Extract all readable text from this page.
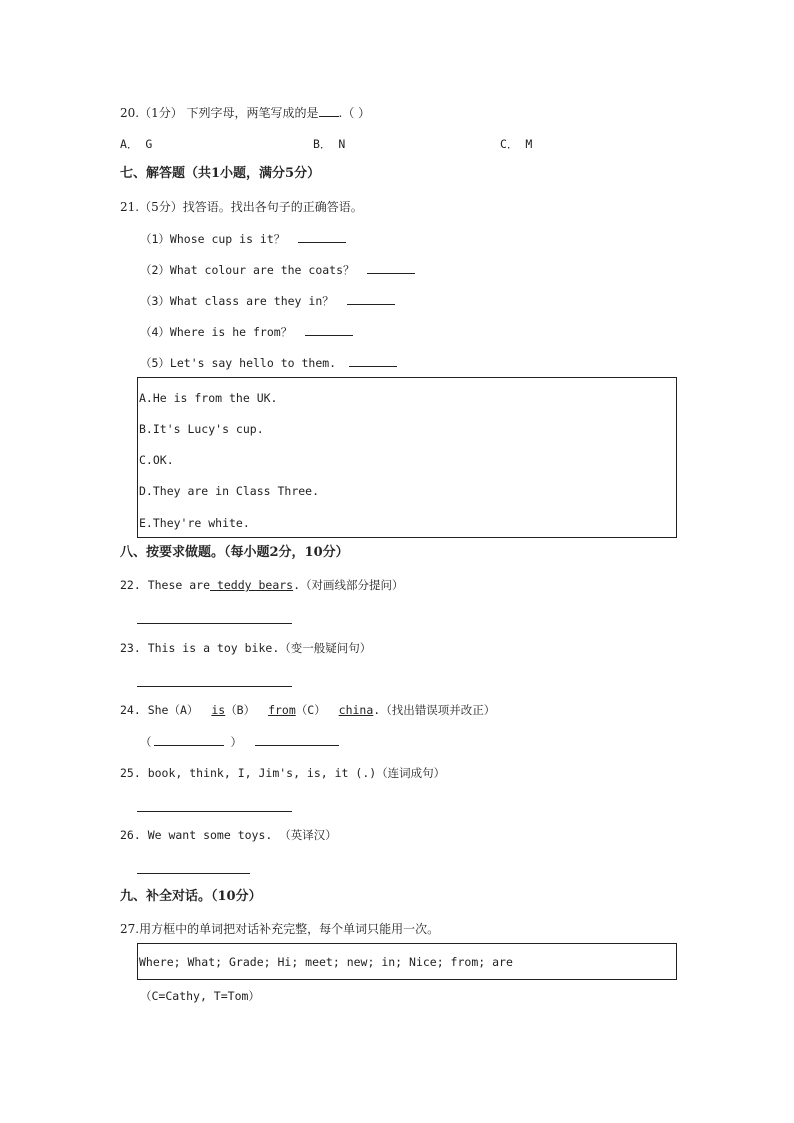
20.（1分） 下列字母，两笔写成的是 .（ ）
A． G	B． N	C． M
七、解答题（共1小题，满分5分）
21.（5分）找答语。找出各句子的正确答语。
（1）Whose cup is it？
（2）What colour are the coats？
（3）What class are they in？
（4）Where is he from？
（5）Let's say hello to them.
A.He is from the UK.
B.It's Lucy's cup.
C.OK.
D.They are in Class Three.
E.They're white.
八、按要求做题。（每小题2分，10分）
22. These are teddy bears.（对画线部分提问）
23. This is a toy bike.（变一般疑问句）
24. She（A） is（B） from（C） china.（找出错误项并改正）
（	）
25. book, think, I, Jim's, is, it (.)（连词成句）
26. We want some toys. （英译汉）
九、补全对话。（10分）
27.用方框中的单词把对话补充完整，每个单词只能用一次。
Where; What; Grade; Hi; meet; new; in; Nice; from; are
（C=Cathy, T=Tom）
